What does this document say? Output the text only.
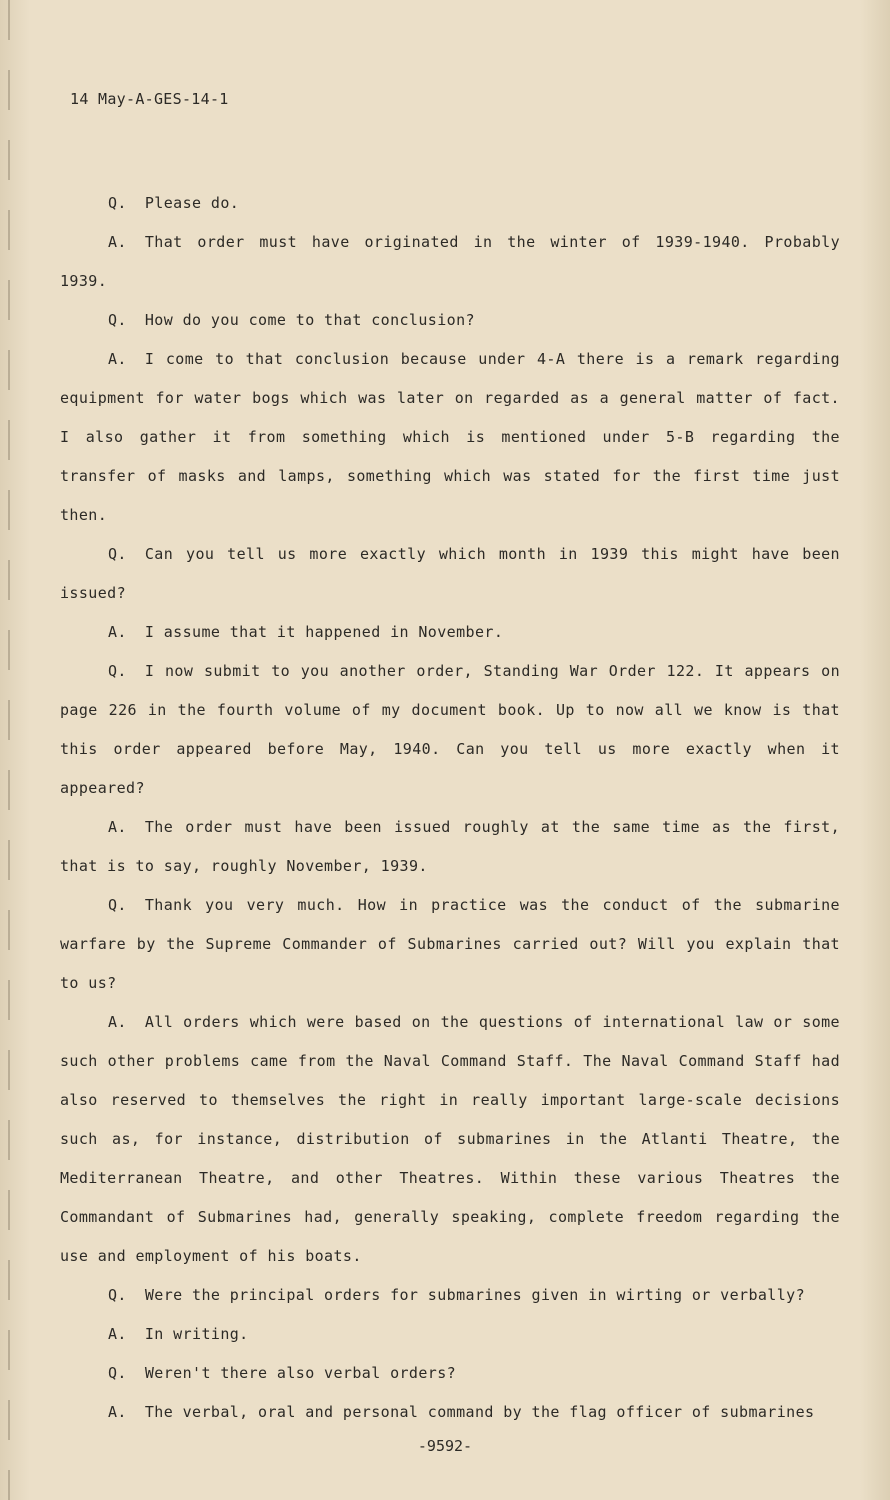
14 May-A-GES-14-1

Q. Please do.

A. That order must have originated in the winter of 1939-1940. Probably 1939.

Q. How do you come to that conclusion?

A. I come to that conclusion because under 4-A there is a remark regarding equipment for water bogs which was later on regarded as a general matter of fact. I also gather it from something which is mentioned under 5-B regarding the transfer of masks and lamps, something which was stated for the first time just then.

Q. Can you tell us more exactly which month in 1939 this might have been issued?

A. I assume that it happened in November.

Q. I now submit to you another order, Standing War Order 122. It appears on page 226 in the fourth volume of my document book. Up to now all we know is that this order appeared before May, 1940. Can you tell us more exactly when it appeared?

A. The order must have been issued roughly at the same time as the first, that is to say, roughly November, 1939.

Q. Thank you very much. How in practice was the conduct of the submarine warfare by the Supreme Commander of Submarines carried out? Will you explain that to us?

A. All orders which were based on the questions of international law or some such other problems came from the Naval Command Staff. The Naval Command Staff had also reserved to themselves the right in really important large-scale decisions such as, for instance, distribution of submarines in the Atlanti Theatre, the Mediterranean Theatre, and other Theatres. Within these various Theatres the Commandant of Submarines had, generally speaking, complete freedom regarding the use and employment of his boats.

Q. Were the principal orders for submarines given in wirting or verbally?

A. In writing.

Q. Weren't there also verbal orders?

A. The verbal, oral and personal command by the flag officer of submarines

-9592-
